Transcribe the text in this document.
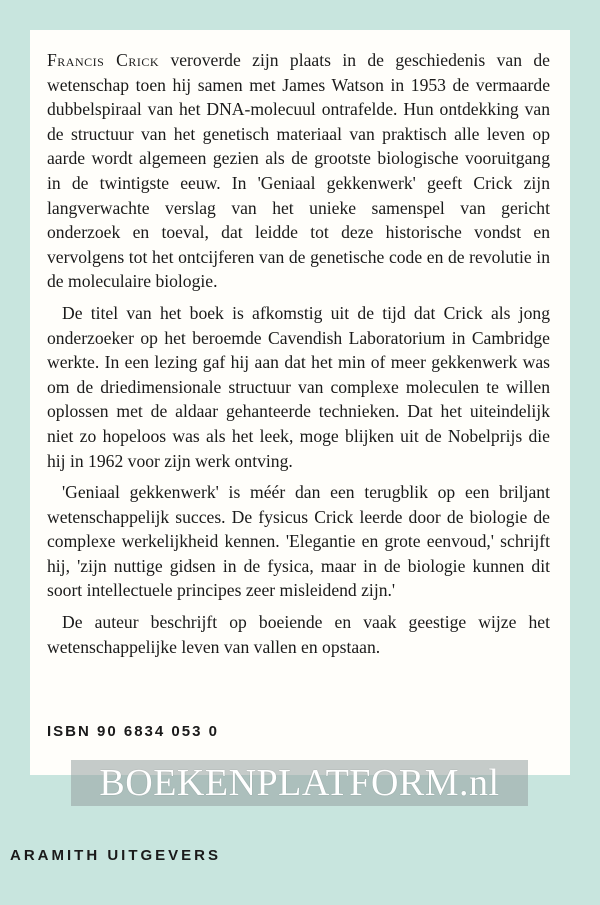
Francis Crick veroverde zijn plaats in de geschiedenis van de wetenschap toen hij samen met James Watson in 1953 de vermaarde dubbelspiraal van het DNA-molecuul ontrafelde. Hun ontdekking van de structuur van het genetisch materiaal van praktisch alle leven op aarde wordt algemeen gezien als de grootste biologische vooruitgang in de twintigste eeuw. In 'Geniaal gekkenwerk' geeft Crick zijn langverwachte verslag van het unieke samenspel van gericht onderzoek en toeval, dat leidde tot deze historische vondst en vervolgens tot het ontcijferen van de genetische code en de revolutie in de moleculaire biologie.

De titel van het boek is afkomstig uit de tijd dat Crick als jong onderzoeker op het beroemde Cavendish Laboratorium in Cambridge werkte. In een lezing gaf hij aan dat het min of meer gekkenwerk was om de driedimensionale structuur van complexe moleculen te willen oplossen met de aldaar gehanteerde technieken. Dat het uiteindelijk niet zo hopeloos was als het leek, moge blijken uit de Nobelprijs die hij in 1962 voor zijn werk ontving.

'Geniaal gekkenwerk' is méér dan een terugblik op een briljant wetenschappelijk succes. De fysicus Crick leerde door de biologie de complexe werkelijkheid kennen. 'Elegantie en grote eenvoud,' schrijft hij, 'zijn nuttige gidsen in de fysica, maar in de biologie kunnen dit soort intellectuele principes zeer misleidend zijn.'

De auteur beschrijft op boeiende en vaak geestige wijze het wetenschappelijke leven van vallen en opstaan.

ISBN 90 6834 053 0
BOEKENPLATFORM.nl
ARAMITH UITGEVERS
